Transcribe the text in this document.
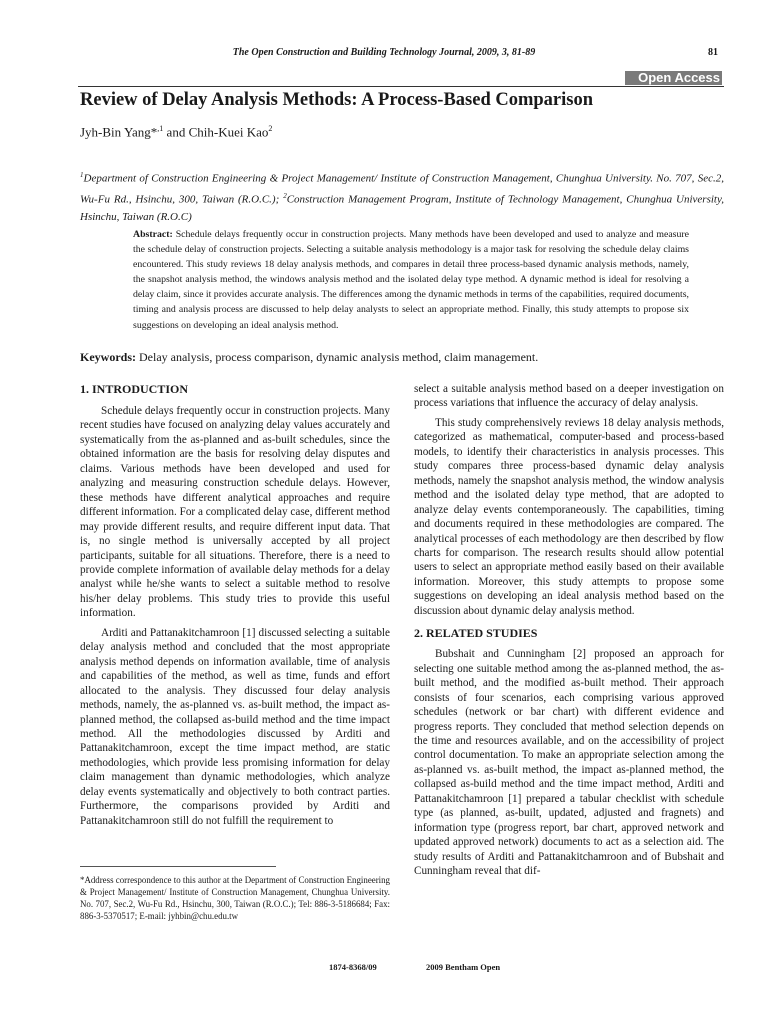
The Open Construction and Building Technology Journal, 2009, 3, 81-89	81
Open Access
Review of Delay Analysis Methods: A Process-Based Comparison
Jyh-Bin Yang*$^{,1}$ and Chih-Kuei Kao$^2$
$^1$Department of Construction Engineering & Project Management/ Institute of Construction Management, Chunghua University. No. 707, Sec.2, Wu-Fu Rd., Hsinchu, 300, Taiwan (R.O.C.); $^2$Construction Management Program, Institute of Technology Management, Chunghua University, Hsinchu, Taiwan (R.O.C)
Abstract: Schedule delays frequently occur in construction projects. Many methods have been developed and used to analyze and measure the schedule delay of construction projects. Selecting a suitable analysis methodology is a major task for resolving the schedule delay claims encountered. This study reviews 18 delay analysis methods, and compares in detail three process-based dynamic analysis methods, namely, the snapshot analysis method, the windows analysis method and the isolated delay type method. A dynamic method is ideal for resolving a delay claim, since it provides accurate analysis. The differences among the dynamic methods in terms of the capabilities, required documents, timing and analysis process are discussed to help delay analysts to select an appropriate method. Finally, this study attempts to propose six suggestions on developing an ideal analysis method.
Keywords: Delay analysis, process comparison, dynamic analysis method, claim management.
1. INTRODUCTION

Schedule delays frequently occur in construction projects. Many recent studies have focused on analyzing delay values accurately and systematically from the as-planned and as-built schedules, since the obtained information are the basis for resolving delay disputes and claims. Various methods have been developed and used for analyzing and measuring construction schedule delays. However, these methods have different analytical approaches and require different information. For a complicated delay case, different method may provide different results, and require different input data. That is, no single method is universally accepted by all project participants, suitable for all situations. Therefore, there is a need to provide complete information of available delay methods for a delay analyst while he/she wants to select a suitable method to resolve his/her delay problems. This study tries to provide this useful information.

Arditi and Pattanakitchamroon [1] discussed selecting a suitable delay analysis method and concluded that the most appropriate analysis method depends on information available, time of analysis and capabilities of the method, as well as time, funds and effort allocated to the analysis. They discussed four delay analysis methods, namely, the as-planned vs. as-built method, the impact as-planned method, the collapsed as-build method and the time impact method. All the methodologies discussed by Arditi and Pattanakitchamroon, except the time impact method, are static methodologies, which provide less promising information for delay claim management than dynamic methodologies, which analyze delay events systematically and objectively to both contract parties. Furthermore, the comparisons provided by Arditi and Pattanakitchamroon still do not fulfill the requirement to

select a suitable analysis method based on a deeper investigation on process variations that influence the accuracy of delay analysis.

This study comprehensively reviews 18 delay analysis methods, categorized as mathematical, computer-based and process-based models, to identify their characteristics in analysis processes. This study compares three process-based dynamic delay analysis methods, namely the snapshot analysis method, the window analysis method and the isolated delay type method, that are adopted to analyze delay events contemporaneously. The capabilities, timing and documents required in these methodologies are compared. The analytical processes of each methodology are then described by flow charts for comparison. The research results should allow potential users to select an appropriate method easily based on their available information. Moreover, this study attempts to propose some suggestions on developing an ideal analysis method based on the discussion about dynamic delay analysis method.

2. RELATED STUDIES

Bubshait and Cunningham [2] proposed an approach for selecting one suitable method among the as-planned method, the as-built method, and the modified as-built method. Their approach consists of four scenarios, each comprising various approved schedules (network or bar chart) with different evidence and progress reports. They concluded that method selection depends on the time and resources available, and on the accessibility of project control documentation. To make an appropriate selection among the as-planned vs. as-built method, the impact as-planned method, the collapsed as-build method and the time impact method, Arditi and Pattanakitchamroon [1] prepared a tabular checklist with schedule type (as planned, as-built, updated, adjusted and fragnets) and information type (progress report, bar chart, approved network and updated approved network) documents to act as a selection aid. The study results of Arditi and Pattanakitchamroon and of Bubshait and Cunningham reveal that dif-

*Address correspondence to this author at the Department of Construction Engineering & Project Management/ Institute of Construction Management, Chunghua University. No. 707, Sec.2, Wu-Fu Rd., Hsinchu, 300, Taiwan (R.O.C.); Tel: 886-3-5186684; Fax: 886-3-5370517; E-mail: jyhbin@chu.edu.tw
1874-8368/09	2009 Bentham Open
